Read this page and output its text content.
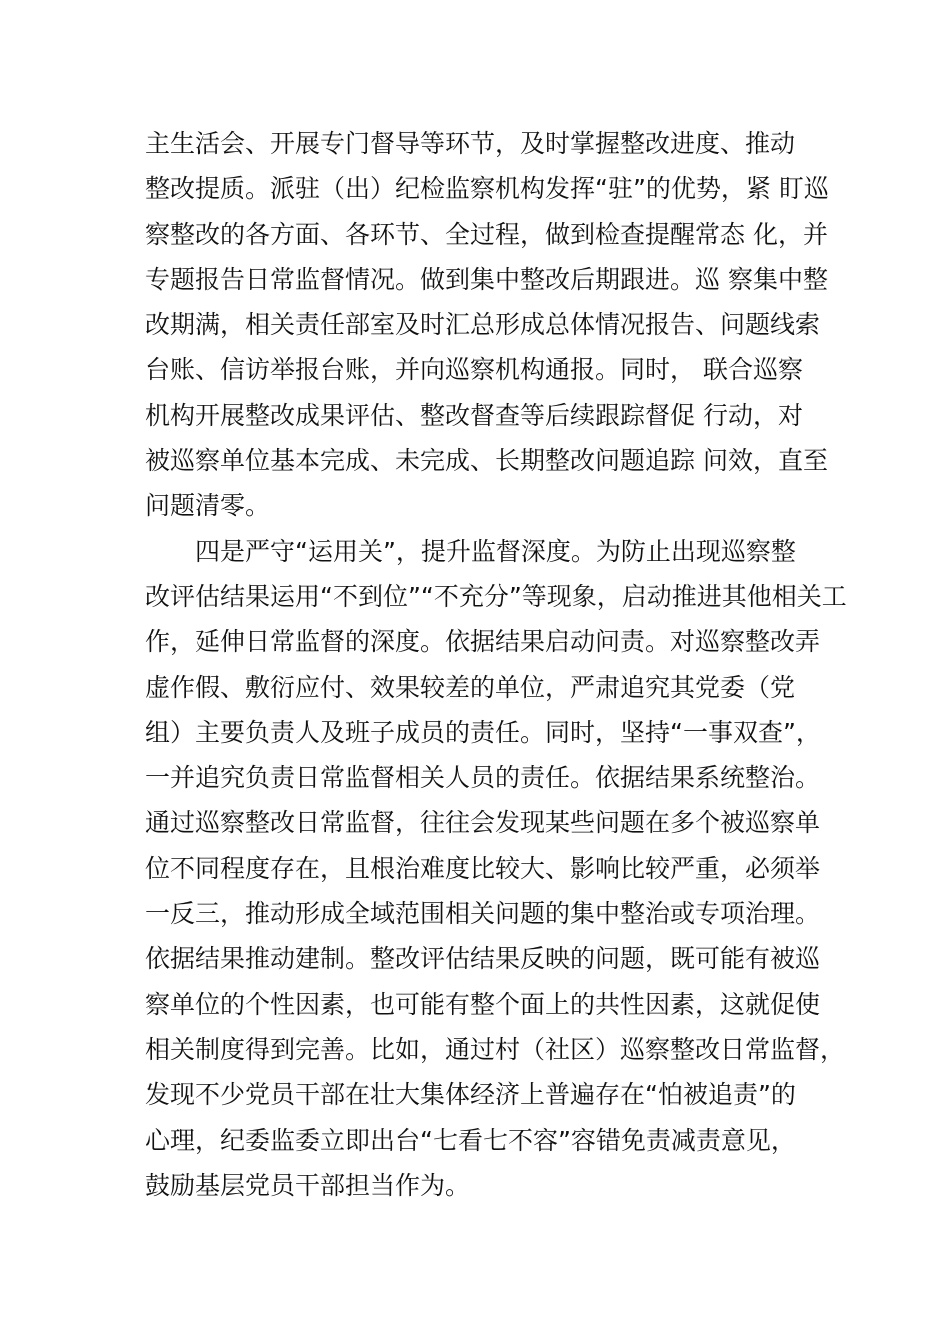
主生活会、开展专门督导等环节，及时掌握整改进度、推动
整改提质。派驻（出）纪检监察机构发挥“驻”的优势，紧 盯巡
察整改的各方面、各环节、全过程，做到检查提醒常态 化，并
专题报告日常监督情况。做到集中整改后期跟进。巡 察集中整
改期满，相关责任部室及时汇总形成总体情况报告、问题线索
台账、信访举报台账，并向巡察机构通报。同时， 联合巡察
机构开展整改成果评估、整改督查等后续跟踪督促 行动，对
被巡察单位基本完成、未完成、长期整改问题追踪 问效，直至
问题清零。
　　四是严守“运用关”，提升监督深度。为防止出现巡察整
改评估结果运用“不到位”“不充分”等现象，启动推进其他相关工
作，延伸日常监督的深度。依据结果启动问责。对巡察整改弄
虚作假、敷衍应付、效果较差的单位，严肃追究其党委（党
组）主要负责人及班子成员的责任。同时，坚持“一事双查”，
一并追究负责日常监督相关人员的责任。依据结果系统整治。
通过巡察整改日常监督，往往会发现某些问题在多个被巡察单
位不同程度存在，且根治难度比较大、影响比较严重，必须举
一反三，推动形成全域范围相关问题的集中整治或专项治理。
依据结果推动建制。整改评估结果反映的问题，既可能有被巡
察单位的个性因素，也可能有整个面上的共性因素，这就促使
相关制度得到完善。比如，通过村（社区）巡察整改日常监督，
发现不少党员干部在壮大集体经济上普遍存在“怕被追责”的
心理，纪委监委立即出台“七看七不容”容错免责减责意见，
鼓励基层党员干部担当作为。
